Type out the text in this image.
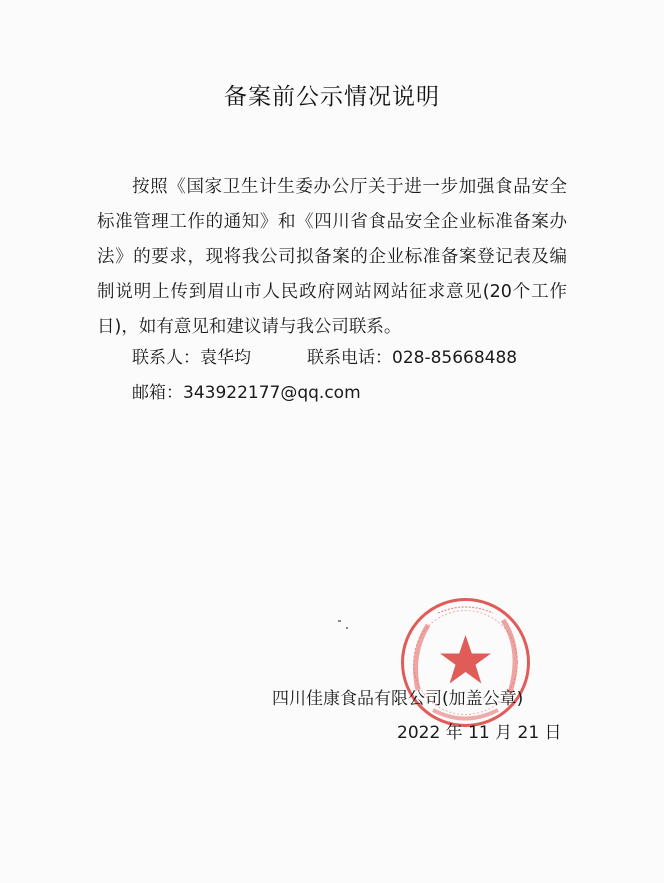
备案前公示情况说明
按照《国家卫生计生委办公厅关于进一步加强食品安全标准管理工作的通知》和《四川省食品安全企业标准备案办法》的要求，现将我公司拟备案的企业标准备案登记表及编制说明上传到眉山市人民政府网站网站征求意见(20个工作日)，如有意见和建议请与我公司联系。
联系人：袁华均	联系电话：028-85668488
邮箱：343922177@qq.com
四川佳康食品有限公司(加盖公章)
2022 年 11 月 21 日
